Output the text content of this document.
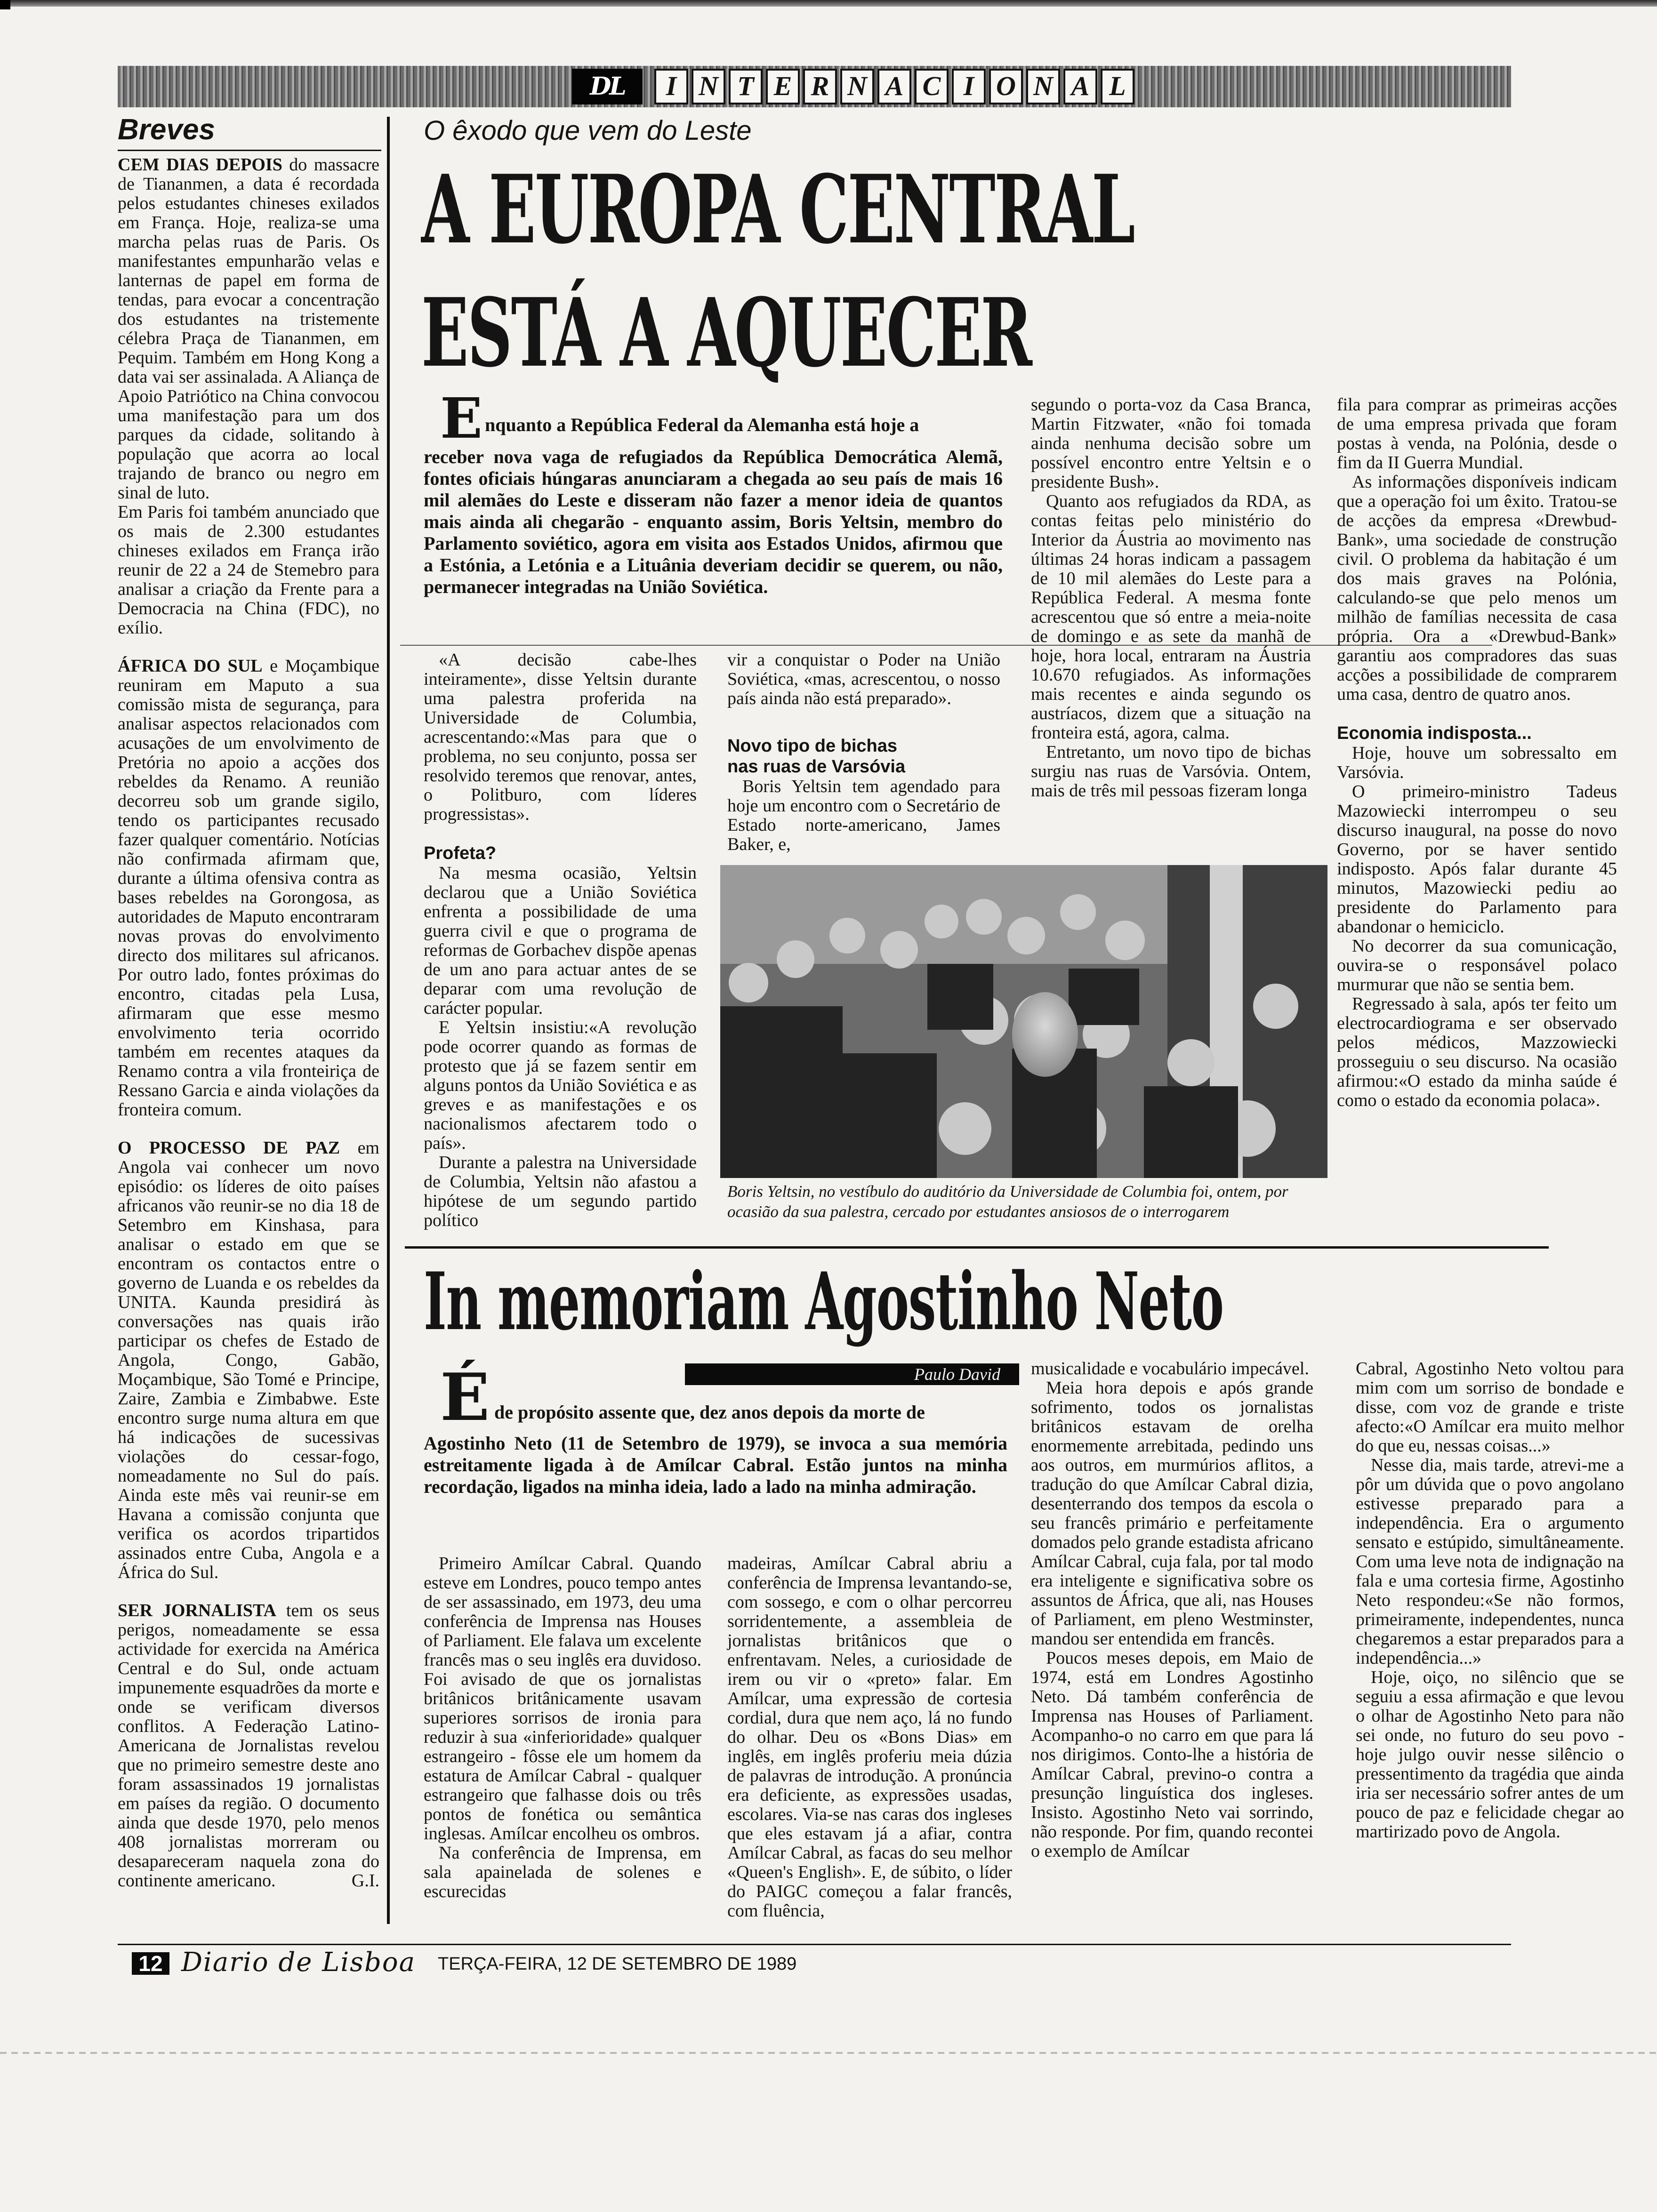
DL	I N T E R N A C I O N A L
Breves

CEM DIAS DEPOIS do massacre de Tiananmen, a data é recordada pelos estudantes chineses exilados em França. Hoje, realiza-se uma marcha pelas ruas de Paris. Os manifestantes empunharão velas e lanternas de papel em forma de tendas, para evocar a concentração dos estudantes na tristemente célebra Praça de Tiananmen, em Pequim. Também em Hong Kong a data vai ser assinalada. A Aliança de Apoio Patriótico na China convocou uma manifestação para um dos parques da cidade, solitando à população que acorra ao local trajando de branco ou negro em sinal de luto.

Em Paris foi também anunciado que os mais de 2.300 estudantes chineses exilados em França irão reunir de 22 a 24 de Stemebro para analisar a criação da Frente para a Democracia na China (FDC), no exílio.

ÁFRICA DO SUL e Moçambique reuniram em Maputo a sua comissão mista de segurança, para analisar aspectos relacionados com acusações de um envolvimento de Pretória no apoio a acções dos rebeldes da Renamo. A reunião decorreu sob um grande sigilo, tendo os participantes recusado fazer qualquer comentário. Notícias não confirmada afirmam que, durante a última ofensiva contra as bases rebeldes na Gorongosa, as autoridades de Maputo encontraram novas provas do envolvimento directo dos militares sul africanos. Por outro lado, fontes próximas do encontro, citadas pela Lusa, afirmaram que esse mesmo envolvimento teria ocorrido também em recentes ataques da Renamo contra a vila fronteiriça de Ressano Garcia e ainda violações da fronteira comum.

O PROCESSO DE PAZ em Angola vai conhecer um novo episódio: os líderes de oito países africanos vão reunir-se no dia 18 de Setembro em Kinshasa, para analisar o estado em que se encontram os contactos entre o governo de Luanda e os rebeldes da UNITA. Kaunda presidirá às conversações nas quais irão participar os chefes de Estado de Angola, Congo, Gabão, Moçambique, São Tomé e Principe, Zaire, Zambia e Zimbabwe. Este encontro surge numa altura em que há indicações de sucessivas violações do cessar-fogo, nomeadamente no Sul do país. Ainda este mês vai reunir-se em Havana a comissão conjunta que verifica os acordos tripartidos assinados entre Cuba, Angola e a África do Sul.

SER JORNALISTA tem os seus perigos, nomeadamente se essa actividade for exercida na América Central e do Sul, onde actuam impunemente esquadrões da morte e onde se verificam diversos conflitos. A Federação Latino-Americana de Jornalistas revelou que no primeiro semestre deste ano foram assassinados 19 jornalistas em países da região. O documento ainda que desde 1970, pelo menos 408 jornalistas morreram ou desapareceram naquela zona do continente americano.	G.I.

O êxodo que vem do Leste
A EUROPA CENTRAL
ESTÁ A AQUECER
E nquanto a República Federal da Alemanha está hoje a
receber nova vaga de refugiados da República Democrática Alemã, fontes oficiais húngaras anunciaram a chegada ao seu país de mais 16 mil alemães do Leste e disseram não fazer a menor ideia de quantos mais ainda ali chegarão - enquanto assim, Boris Yeltsin, membro do Parlamento soviético, agora em visita aos Estados Unidos, afirmou que a Estónia, a Letónia e a Lituânia deveriam decidir se querem, ou não, permanecer integradas na União Soviética.

«A decisão cabe-lhes inteiramente», disse Yeltsin durante uma palestra proferida na Universidade de Columbia, acrescentando:«Mas para que o problema, no seu conjunto, possa ser resolvido teremos que renovar, antes, o Politburo, com líderes progressistas».

Profeta?

Na mesma ocasião, Yeltsin declarou que a União Soviética enfrenta a possibilidade de uma guerra civil e que o programa de reformas de Gorbachev dispõe apenas de um ano para actuar antes de se deparar com uma revolução de carácter popular.

E Yeltsin insistiu:«A revolução pode ocorrer quando as formas de protesto que já se fazem sentir em alguns pontos da União Soviética e as greves e as manifestações e os nacionalismos afectarem todo o país».

Durante a palestra na Universidade de Columbia, Yeltsin não afastou a hipótese de um segundo partido político

vir a conquistar o Poder na União Soviética, «mas, acrescentou, o nosso país ainda não está preparado».

Novo tipo de bichas

nas ruas de Varsóvia

Boris Yeltsin tem agendado para hoje um encontro com o Secretário de Estado norte-americano, James Baker, e,

segundo o porta-voz da Casa Branca, Martin Fitzwater, «não foi tomada ainda nenhuma decisão sobre um possível encontro entre Yeltsin e o presidente Bush».

Quanto aos refugiados da RDA, as contas feitas pelo ministério do Interior da Áustria ao movimento nas últimas 24 horas indicam a passagem de 10 mil alemães do Leste para a República Federal. A mesma fonte acrescentou que só entre a meia-noite de domingo e as sete da manhã de hoje, hora local, entraram na Áustria 10.670 refugiados. As informações mais recentes e ainda segundo os austríacos, dizem que a situação na fronteira está, agora, calma.

Entretanto, um novo tipo de bichas surgiu nas ruas de Varsóvia. Ontem, mais de três mil pessoas fizeram longa

fila para comprar as primeiras acções de uma empresa privada que foram postas à venda, na Polónia, desde o fim da II Guerra Mundial.

As informações disponíveis indicam que a operação foi um êxito. Tratou-se de acções da empresa «Drewbud-Bank», uma sociedade de construção civil. O problema da habitação é um dos mais graves na Polónia, calculando-se que pelo menos um milhão de famílias necessita de casa própria. Ora a «Drewbud-Bank» garantiu aos compradores das suas acções a possibilidade de comprarem uma casa, dentro de quatro anos.

Economia indisposta...

Hoje, houve um sobressalto em Varsóvia.

O primeiro-ministro Tadeus Mazowiecki interrompeu o seu discurso inaugural, na posse do novo Governo, por se haver sentido indisposto. Após falar durante 45 minutos, Mazowiecki pediu ao presidente do Parlamento para abandonar o hemiciclo.

No decorrer da sua comunicação, ouvira-se o responsável polaco murmurar que não se sentia bem.

Regressado à sala, após ter feito um electrocardiograma e ser observado pelos médicos, Mazzowiecki prosseguiu o seu discurso. Na ocasião afirmou:«O estado da minha saúde é como o estado da economia polaca».

Boris Yeltsin, no vestíbulo do auditório da Universidade de Columbia foi, ontem, por ocasião da sua palestra, cercado por estudantes ansiosos de o interrogarem
In memoriam Agostinho Neto
Paulo David
É de propósito assente que, dez anos depois da morte de
Agostinho Neto (11 de Setembro de 1979), se invoca a sua memória estreitamente ligada à de Amílcar Cabral. Estão juntos na minha recordação, ligados na minha ideia, lado a lado na minha admiração.

Primeiro Amílcar Cabral. Quando esteve em Londres, pouco tempo antes de ser assassinado, em 1973, deu uma conferência de Imprensa nas Houses of Parliament. Ele falava um excelente francês mas o seu inglês era duvidoso. Foi avisado de que os jornalistas britânicos britânicamente usavam superiores sorrisos de ironia para reduzir à sua «inferioridade» qualquer estrangeiro - fôsse ele um homem da estatura de Amílcar Cabral - qualquer estrangeiro que falhasse dois ou três pontos de fonética ou semântica inglesas. Amílcar encolheu os ombros.

Na conferência de Imprensa, em sala apainelada de solenes e escurecidas

madeiras, Amílcar Cabral abriu a conferência de Imprensa levantando-se, com sossego, e com o olhar percorreu sorridentemente, a assembleia de jornalistas britânicos que o enfrentavam. Neles, a curiosidade de irem ou vir o «preto» falar. Em Amílcar, uma expressão de cortesia cordial, dura que nem aço, lá no fundo do olhar. Deu os «Bons Dias» em inglês, em inglês proferiu meia dúzia de palavras de introdução. A pronúncia era deficiente, as expressões usadas, escolares. Via-se nas caras dos ingleses que eles estavam já a afiar, contra Amílcar Cabral, as facas do seu melhor «Queen's English». E, de súbito, o líder do PAIGC começou a falar francês, com fluência,

musicalidade e vocabulário impecável.

Meia hora depois e após grande sofrimento, todos os jornalistas britânicos estavam de orelha enormemente arrebitada, pedindo uns aos outros, em murmúrios aflitos, a tradução do que Amílcar Cabral dizia, desenterrando dos tempos da escola o seu francês primário e perfeitamente domados pelo grande estadista africano Amílcar Cabral, cuja fala, por tal modo era inteligente e significativa sobre os assuntos de África, que ali, nas Houses of Parliament, em pleno Westminster, mandou ser entendida em francês.

Poucos meses depois, em Maio de 1974, está em Londres Agostinho Neto. Dá também conferência de Imprensa nas Houses of Parliament. Acompanho-o no carro em que para lá nos dirigimos. Conto-lhe a história de Amílcar Cabral, previno-o contra a presunção linguística dos ingleses. Insisto. Agostinho Neto vai sorrindo, não responde. Por fim, quando recontei o exemplo de Amílcar

Cabral, Agostinho Neto voltou para mim com um sorriso de bondade e disse, com voz de grande e triste afecto:«O Amílcar era muito melhor do que eu, nessas coisas...»

Nesse dia, mais tarde, atrevi-me a pôr um dúvida que o povo angolano estivesse preparado para a independência. Era o argumento sensato e estúpido, simultâneamente. Com uma leve nota de indignação na fala e uma cortesia firme, Agostinho Neto respondeu:«Se não formos, primeiramente, independentes, nunca chegaremos a estar preparados para a independência...»

Hoje, oiço, no silêncio que se seguiu a essa afirmação e que levou o olhar de Agostinho Neto para não sei onde, no futuro do seu povo - hoje julgo ouvir nesse silêncio o pressentimento da tragédia que ainda iria ser necessário sofrer antes de um pouco de paz e felicidade chegar ao martirizado povo de Angola.

12 Diario de Lisboa TERÇA-FEIRA, 12 DE SETEMBRO DE 1989
